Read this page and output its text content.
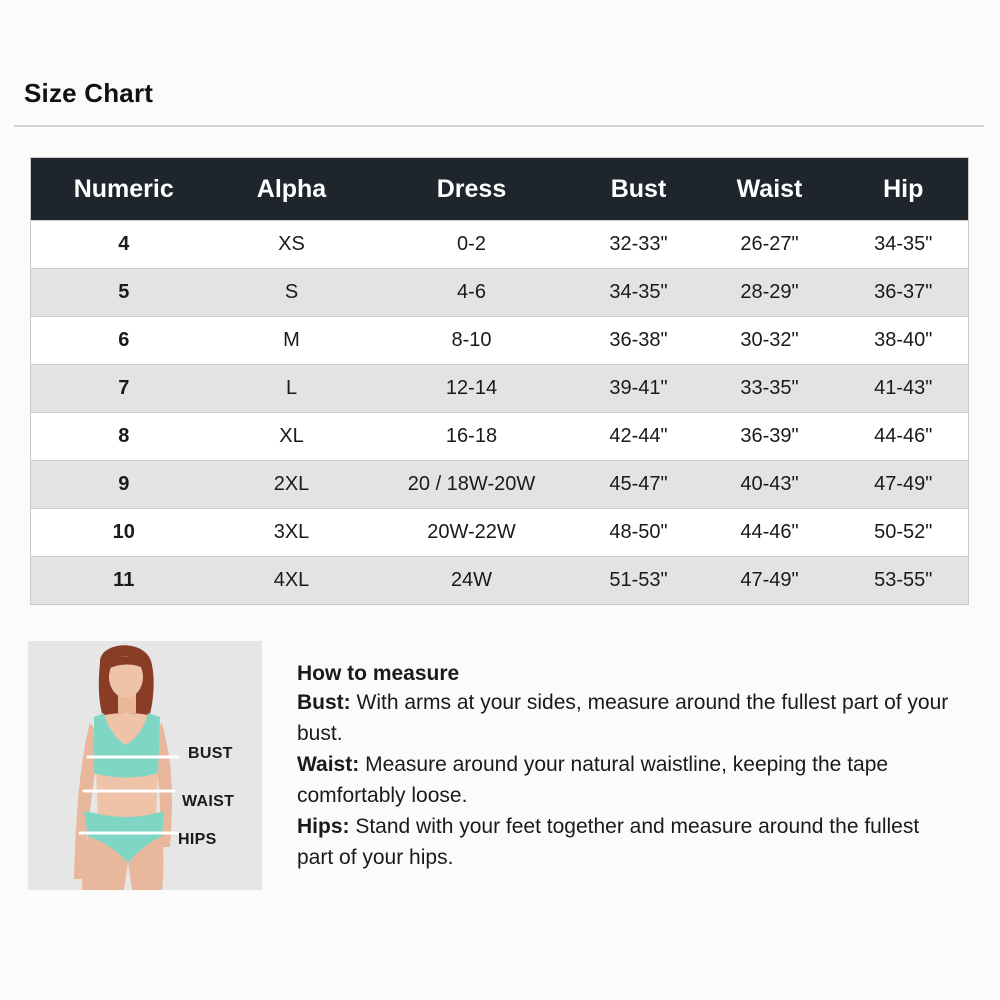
Size Chart
Numeric	Alpha	Dress	Bust	Waist	Hip
4	XS	0-2	32-33"	26-27"	34-35"
5	S	4-6	34-35"	28-29"	36-37"
6	M	8-10	36-38"	30-32"	38-40"
7	L	12-14	39-41"	33-35"	41-43"
8	XL	16-18	42-44"	36-39"	44-46"
9	2XL	20 / 18W-20W	45-47"	40-43"	47-49"
10	3XL	20W-22W	48-50"	44-46"	50-52"
11	4XL	24W	51-53"	47-49"	53-55"
BUST
WAIST
HIPS
How to measure

Bust: With arms at your sides, measure around the fullest part of your bust.

Waist: Measure around your natural waistline, keeping the tape comfortably loose.

Hips: Stand with your feet together and measure around the fullest part of your hips.
